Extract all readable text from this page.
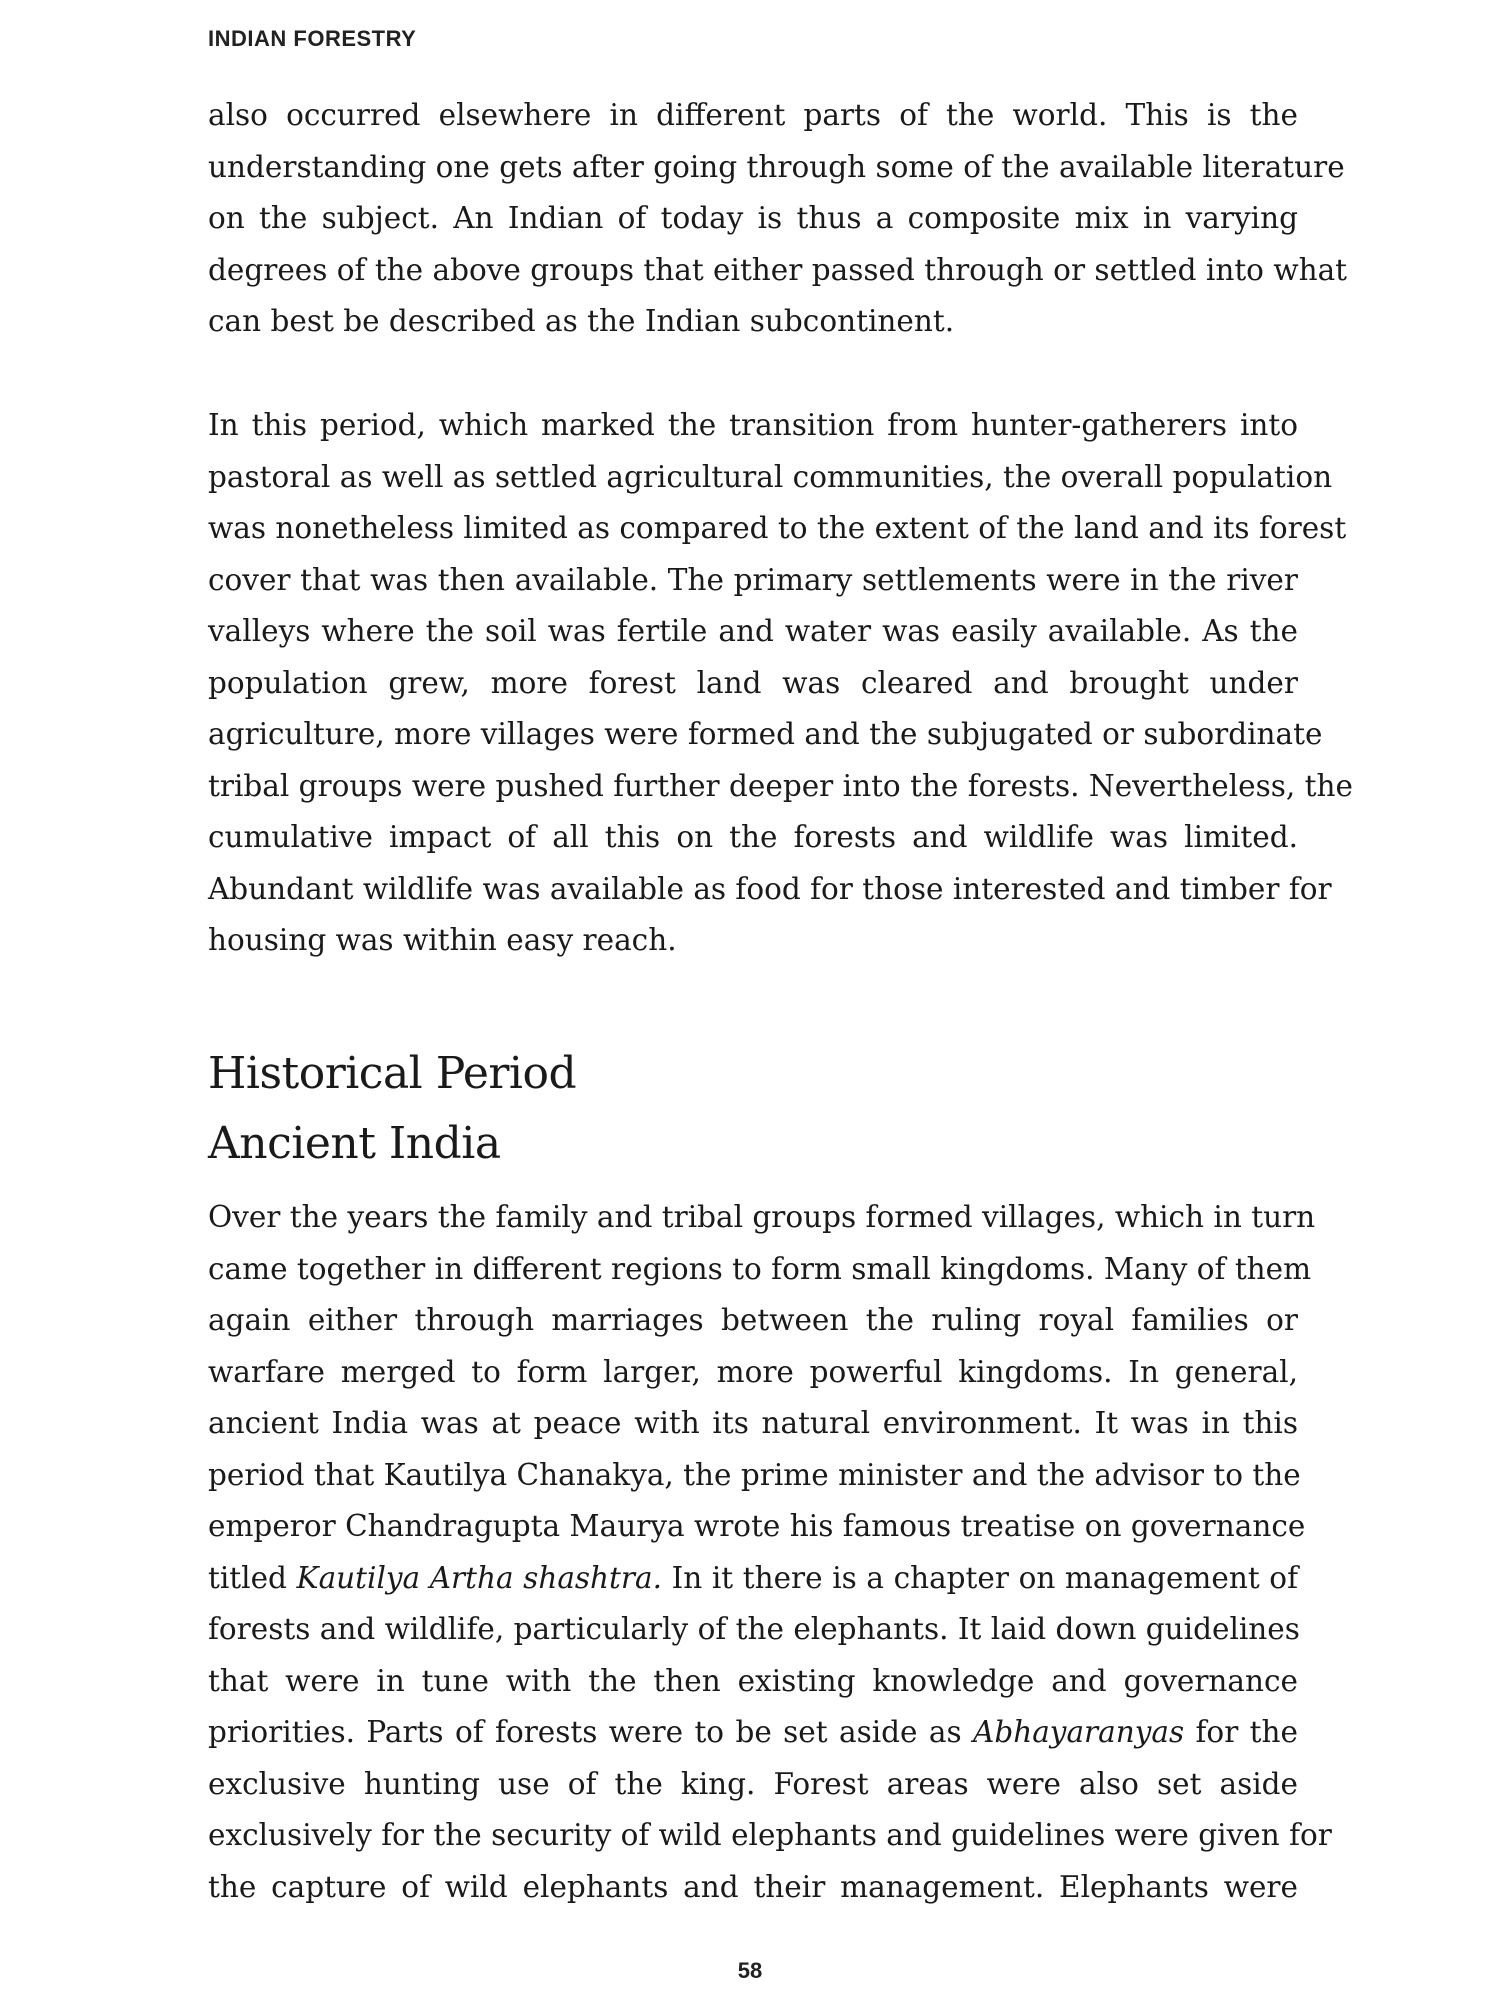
INDIAN FORESTRY
also occurred elsewhere in different parts of the world. This is the
understanding one gets after going through some of the available literature
on the subject. An Indian of today is thus a composite mix in varying
degrees of the above groups that either passed through or settled into what
can best be described as the Indian subcontinent.
In this period, which marked the transition from hunter-gatherers into
pastoral as well as settled agricultural communities, the overall population
was nonetheless limited as compared to the extent of the land and its forest
cover that was then available. The primary settlements were in the river
valleys where the soil was fertile and water was easily available. As the
population grew, more forest land was cleared and brought under
agriculture, more villages were formed and the subjugated or subordinate
tribal groups were pushed further deeper into the forests. Nevertheless, the
cumulative impact of all this on the forests and wildlife was limited.
Abundant wildlife was available as food for those interested and timber for
housing was within easy reach.
Historical Period
Ancient India
Over the years the family and tribal groups formed villages, which in turn
came together in different regions to form small kingdoms. Many of them
again either through marriages between the ruling royal families or
warfare merged to form larger, more powerful kingdoms. In general,
ancient India was at peace with its natural environment. It was in this
period that Kautilya Chanakya, the prime minister and the advisor to the
emperor Chandragupta Maurya wrote his famous treatise on governance
titled Kautilya Artha shashtra. In it there is a chapter on management of
forests and wildlife, particularly of the elephants. It laid down guidelines
that were in tune with the then existing knowledge and governance
priorities. Parts of forests were to be set aside as Abhayaranyas for the
exclusive hunting use of the king. Forest areas were also set aside
exclusively for the security of wild elephants and guidelines were given for
the capture of wild elephants and their management. Elephants were
58
